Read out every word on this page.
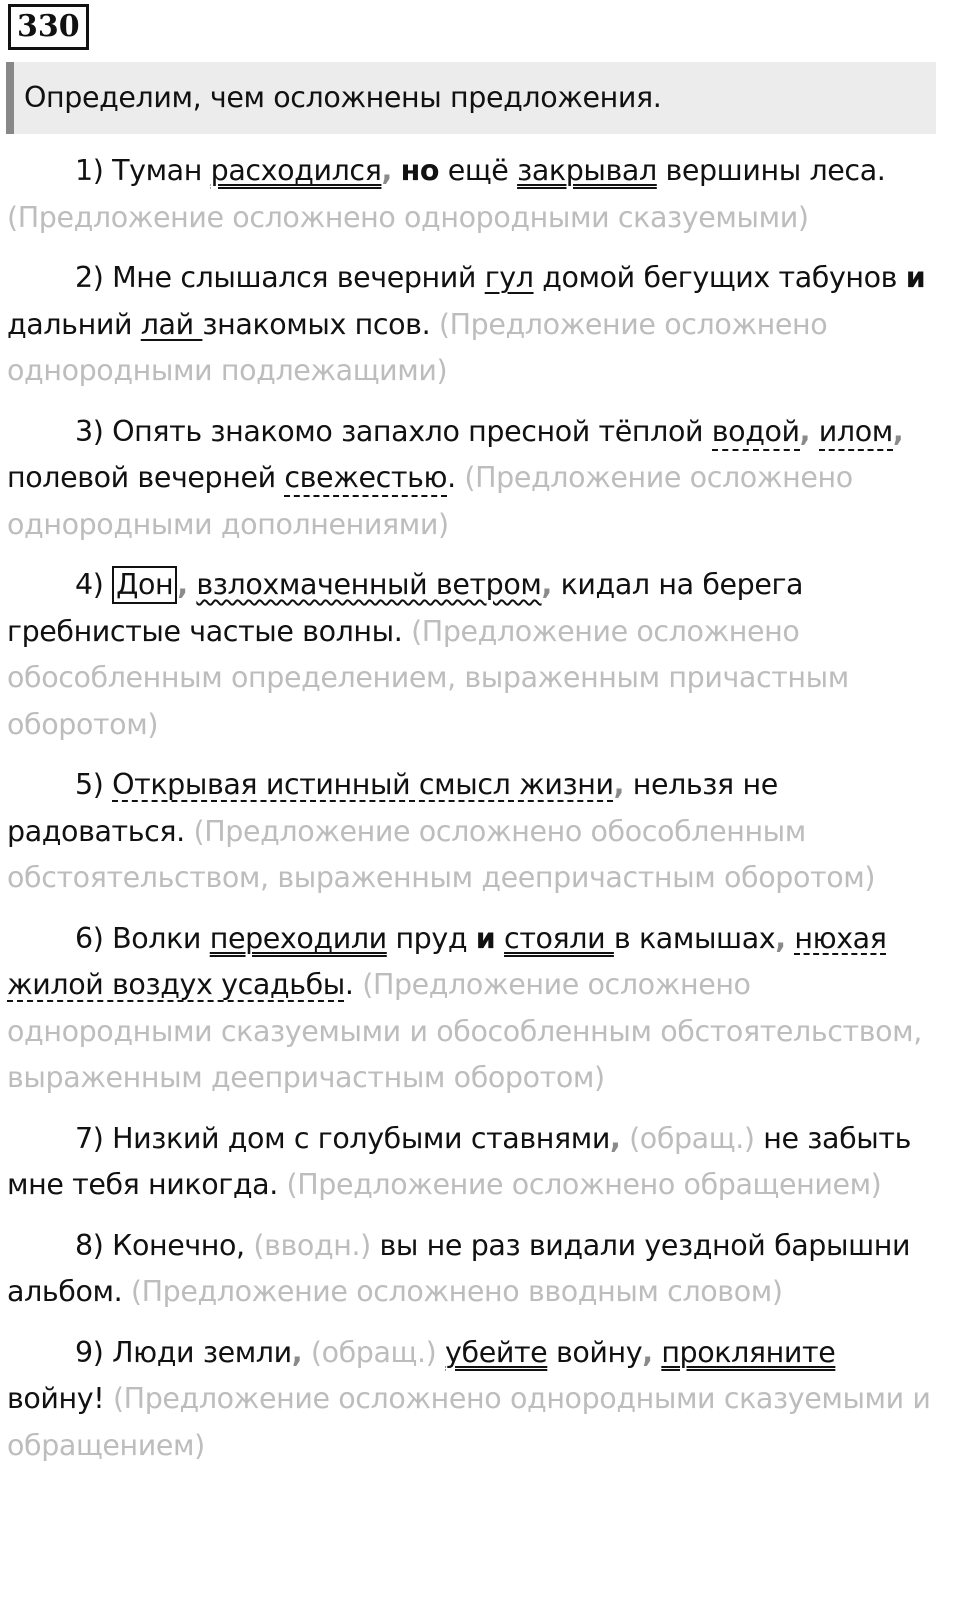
330
Определим, чем осложнены предложения.

1) Туман расходился, но ещё закрывал вершины леса. (Предложение осложнено однородными сказуемыми)

2) Мне слышался вечерний гул домой бегущих табунов и дальний лай знакомых псов. (Предложение осложнено однородными подлежащими)

3) Опять знакомо запахло пресной тёплой водой, илом, полевой вечерней свежестью. (Предложение осложнено однородными дополнениями)

4) Дон , взлохмаченный ветром, кидал на берега гребнистые частые волны. (Предложение осложнено обособленным определением, выраженным причастным оборотом)

5) Открывая истинный смысл жизни, нельзя не радоваться. (Предложение осложнено обособленным обстоятельством, выраженным деепричастным оборотом)

6) Волки переходили пруд и стояли в камышах, нюхая жилой воздух усадьбы. (Предложение осложнено однородными сказуемыми и обособленным обстоятельством, выраженным деепричастным оборотом)

7) Низкий дом с голубыми ставнями, (обращ.) не забыть мне тебя никогда. (Предложение осложнено обращением)

8) Конечно, (вводн.) вы не раз видали уездной барышни альбом. (Предложение осложнено вводным словом)

9) Люди земли, (обращ.) убейте войну, прокляните войну! (Предложение осложнено однородными сказуемыми и обращением)
